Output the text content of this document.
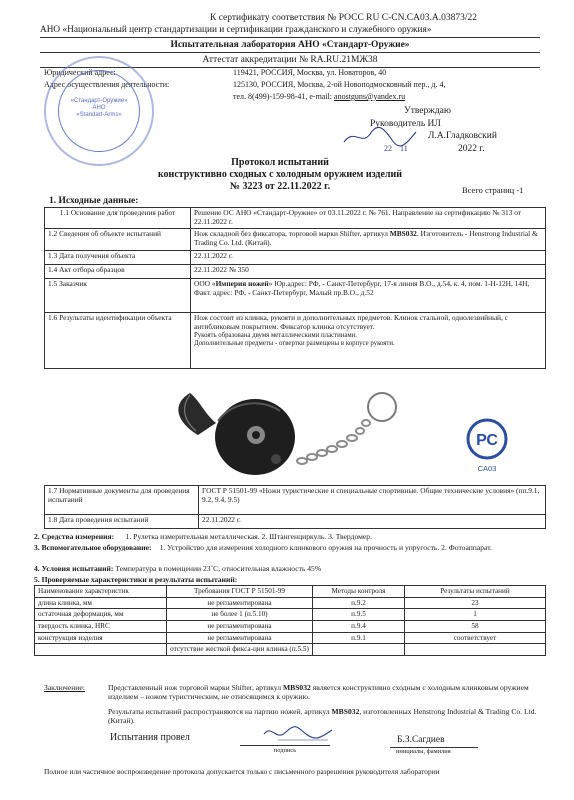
К сертификату соответствия № РОСС RU C-CN.CA03.A.03873/22
АНО «Национальный центр стандартизации и сертификации гражданского и служебного оружия»
Испытательная лаборатория АНО «Стандарт-Оружие»
Аттестат аккредитации № RA.RU.21МЖ38
Юридический адрес:	119421, РОССИЯ, Москва, ул. Новаторов, 40
Адрес осуществления деятельности:	125130, РОССИЯ, Москва, 2-ой Новоподмосковный пер., д. 4,
тел. 8(499)-159-98-41, e-mail: anostguns@yandex.ru
«Стандарт-Оружие»
АНО
«Standart-Arms»	Утверждаю
Руководитель ИЛ
Л.А.Гладковский
22 11	2022 г.
Протокол испытаний
конструктивно сходных с холодным оружием изделий
№ 3223 от 22.11.2022 г.	Всего страниц -1
1. Исходные данные:
1.1 Основание для проведения работ	Решение ОС АНО «Стандарт-Оружие» от 03.11.2022 г. № 761. Направление на сертификацию № 313 от 22.11.2022 г.
1.2 Сведения об объекте испытаний	Нож складной без фиксатора, торговой марки Shifter, артикул MBS032. Изготовитель - Henstrong Industrial & Trading Co. Ltd. (Китай).
1.3 Дата получения объекта	22.11.2022 г.
1.4 Акт отбора образцов	22.11.2022 № 350
1.5 Заказчик	ООО «Империя ножей» Юр.адрес: РФ, - Санкт-Петербург, 17-я линия В.О., д.54, к. 4, пом. 1-Н-12Н, 14Н, Факт. адрес: РФ, - Санкт-Петербург, Малый пр.В.О., д.52
1.6 Результаты идентификации объекта	Нож состоит из клинка, рукояти и дополнительных предметов. Клинок стальной, однолезвийный, с антибликовым покрытием. Фиксатор клинка отсутствует.
Рукоять образована двумя металлическими пластинами.
Дополнительные предметы - отвертки размещены в корпусе рукояти.
РС
CA03
1.7 Нормативные документы для проведения испытаний	ГОСТ Р 51501-99 «Ножи туристические и специальные спортивные. Общие технические условия» (пп.9.1, 9.2, 9.4, 9.5)
1.8 Дата проведения испытаний	22.11.2022 г.
2. Средства измерения: 1. Рулетка измерительная металлическая. 2. Штангенциркуль. 3. Твердомер.
3. Вспомогательное оборудование: 1. Устройство для измерения холодного клинкового оружия на прочность и упругость. 2. Фотоаппарат.
4. Условия испытаний: Температура в помещении 23˚С, относительная влажность 45%
5. Проверяемые характеристики и результаты испытаний:
Наименование характеристик	Требования ГОСТ Р 51501-99	Методы контроля	Результаты испытаний
длина клинка, мм	не регламентирована	п.9.2	23
остаточная деформация, мм	не более 1 (п.5.10)	п.9.5	1
твердость клинка, HRC	не регламентирована	п.9.4	58
конструкция изделия	не регламентирована	п.9.1	соответствует
	отсутствие жесткой фикса-ции клинка (п.5.5)		
Заключение:	Представленный нож торговой марки Shifter, артикул MBS032 является конструктивно сходным с холодным клинковым оружием изделием – ножом туристическим, не относящимся к оружию.
Результаты испытаний распространяются на партию ножей, артикул MBS032, изготовленных Henstrong Industrial & Trading Co. Ltd. (Китай).
Испытания провел
подпись
Б.З.Сагдиев
инициалы, фамилия
Полное или частичное воспроизведение протокола допускается только с письменного разрешения руководителя лаборатории
